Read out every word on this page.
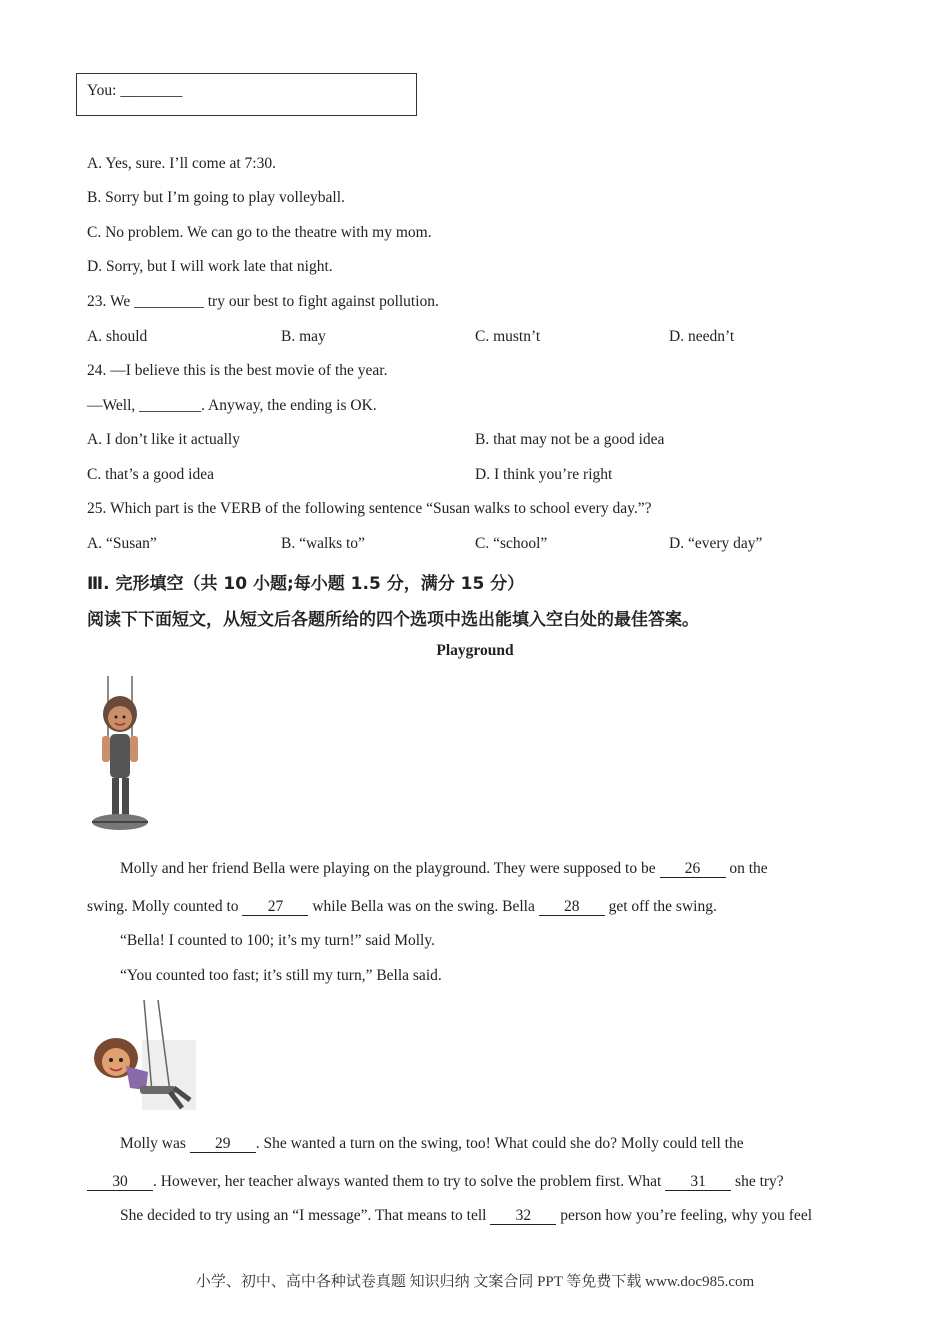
You: ________
A. Yes, sure. I’ll come at 7:30.
B. Sorry but I’m going to play volleyball.
C. No problem. We can go to the theatre with my mom.
D. Sorry, but I will work late that night.
23. We _________ try our best to fight against pollution.
A. should	B. may	C. mustn’t	D. needn’t
24. —I believe this is the best movie of the year.
—Well, ________. Anyway, the ending is OK.
A. I don’t like it actually	B. that may not be a good idea
C. that’s a good idea	D. I think you’re right
25. Which part is the VERB of the following sentence “Susan walks to school every day.”?
A. “Susan”	B. “walks to”	C. “school”	D. “every day”
Ⅲ. 完形填空（共 10 小题;每小题 1.5 分，满分 15 分）
阅读下下面短文，从短文后各题所给的四个选项中选出能填入空白处的最佳答案。
Playground
Molly and her friend Bella were playing on the playground. They were supposed to be 26 on the
swing. Molly counted to 27 while Bella was on the swing. Bella 28 get off the swing.
“Bella! I counted to 100; it’s my turn!” said Molly.
“You counted too fast; it’s still my turn,” Bella said.
Molly was 29 . She wanted a turn on the swing, too! What could she do? Molly could tell the
30 . However, her teacher always wanted them to try to solve the problem first. What 31 she try?
She decided to try using an “I message”. That means to tell 32 person how you’re feeling, why you feel
小学、初中、高中各种试卷真题 知识归纳 文案合同 PPT 等免费下载 www.doc985.com
